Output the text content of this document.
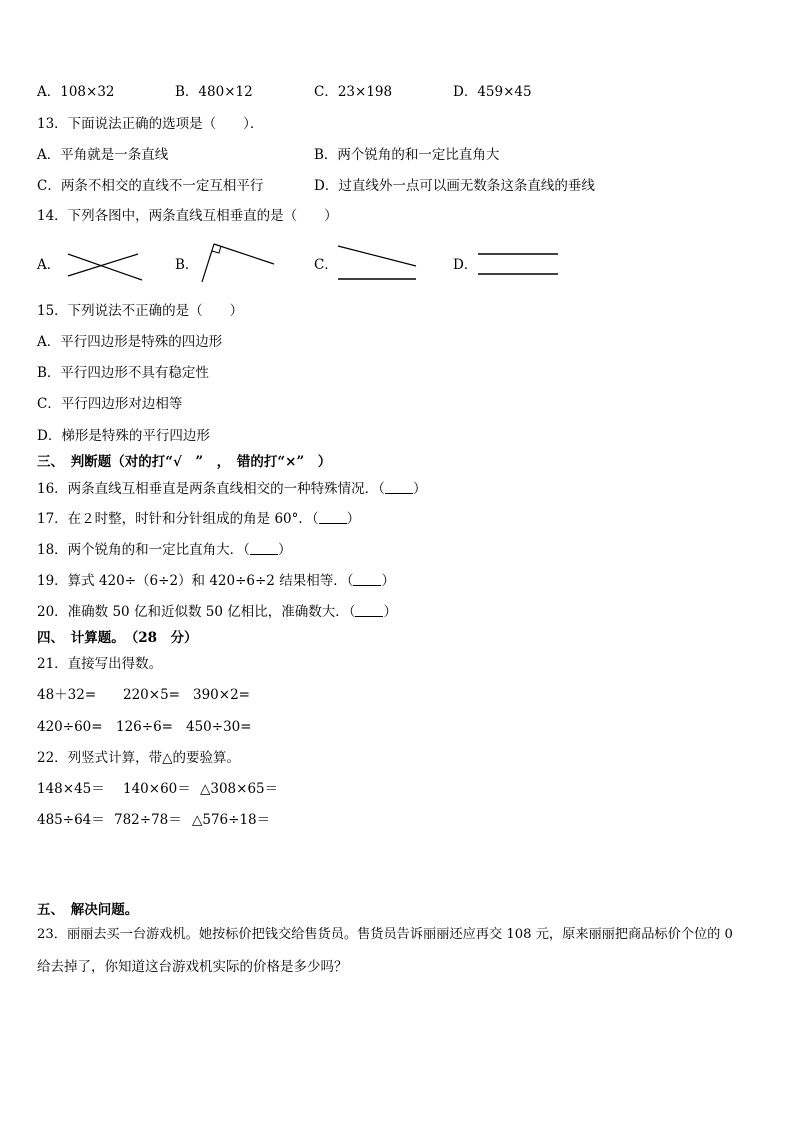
A．108×32	B．480×12	C．23×198	D．459×45
13．下面说法正确的选项是（　　）．
A．平角就是一条直线	B．两个锐角的和一定比直角大
C．两条不相交的直线不一定互相平行	D．过直线外一点可以画无数条这条直线的垂线
14．下列各图中，两条直线互相垂直的是（　　）
A．	B．	C．	D．
15．下列说法不正确的是（　　）
A．平行四边形是特殊的四边形
B．平行四边形不具有稳定性
C．平行四边形对边相等
D．梯形是特殊的平行四边形
三、　判断题（对的打“√　”　，　错的打“×”　）
16．两条直线互相垂直是两条直线相交的一种特殊情况．（ ）
17．在２时整，时针和分针组成的角是 60°．（ ）
18．两个锐角的和一定比直角大．（ ）
19．算式 420÷（6÷2）和 420÷6÷2 结果相等．（ ）
20．准确数 50 亿和近似数 50 亿相比，准确数大．（ ）
四、　计算题。　（28　分）
21．直接写出得数。
48＋32= 220×5= 390×2=
420÷60= 126÷6= 450÷30=
22．列竖式计算，带△的要验算。
148×45＝ 140×60＝ △308×65＝
485÷64＝ 782÷78＝ △576÷18＝
五、　解决问题。
23．丽丽去买一台游戏机。她按标价把钱交给售货员。售货员告诉丽丽还应再交 108 元，原来丽丽把商品标价个位的 0
给去掉了，你知道这台游戏机实际的价格是多少吗？
